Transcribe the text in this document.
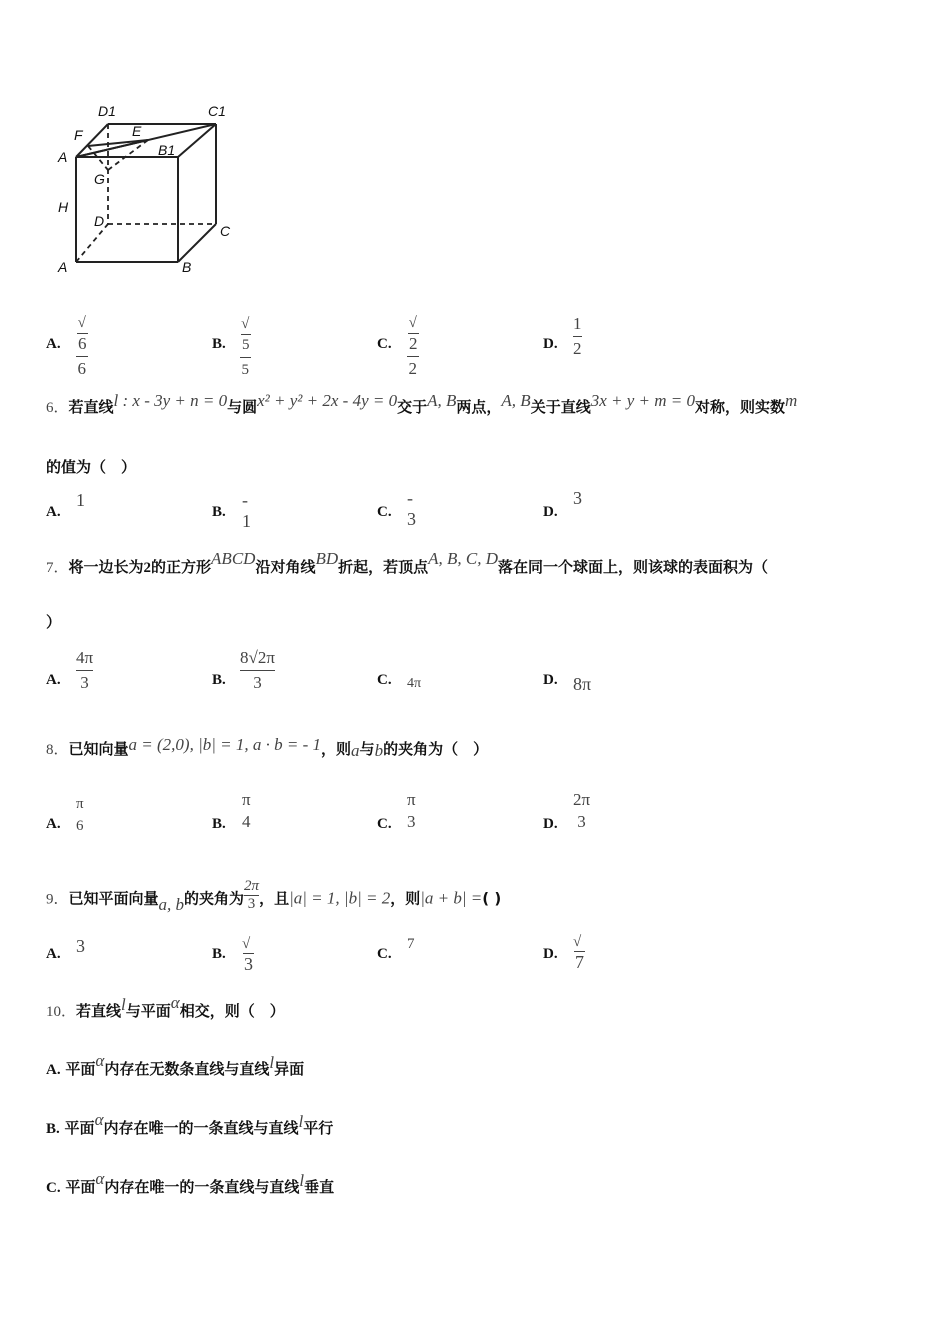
D1	C1
F	E
A	B1
G
H
D
C
A	B
A.
√6
6
B.
√5
5
C.
√2
2
D.
1
2
6．若直线l : x - 3y + n = 0与圆x² + y² + 2x - 4y = 0交于A, B两点，A, B关于直线3x + y + m = 0对称，则实数m
的值为（　）
A.
1
B.
- 1	C.
- 3	D.
3
7．将一边长为2的正方形ABCD沿对角线BD折起，若顶点A, B, C, D落在同一个球面上，则该球的表面积为（
）
A.
4π
3	B.
8√2π
3	C. 4π	D. 8π
8．已知向量a = (2,0), |b| = 1, a · b = - 1，则a与b的夹角为（　）
A.
π
6	B.
π
4	C.
π
3	D.
2π
3
9．已知平面向量a, b的夹角为 $\frac{2\pi}{3}$ ，且|a| = 1, |b| = 2，则|a + b| =( )
A. 3	B.
√3	C.
7
D.
√7
10．若直线l与平面α相交，则（　）
A. 平面α内存在无数条直线与直线l异面
B. 平面α内存在唯一的一条直线与直线l平行
C. 平面α内存在唯一的一条直线与直线l垂直
